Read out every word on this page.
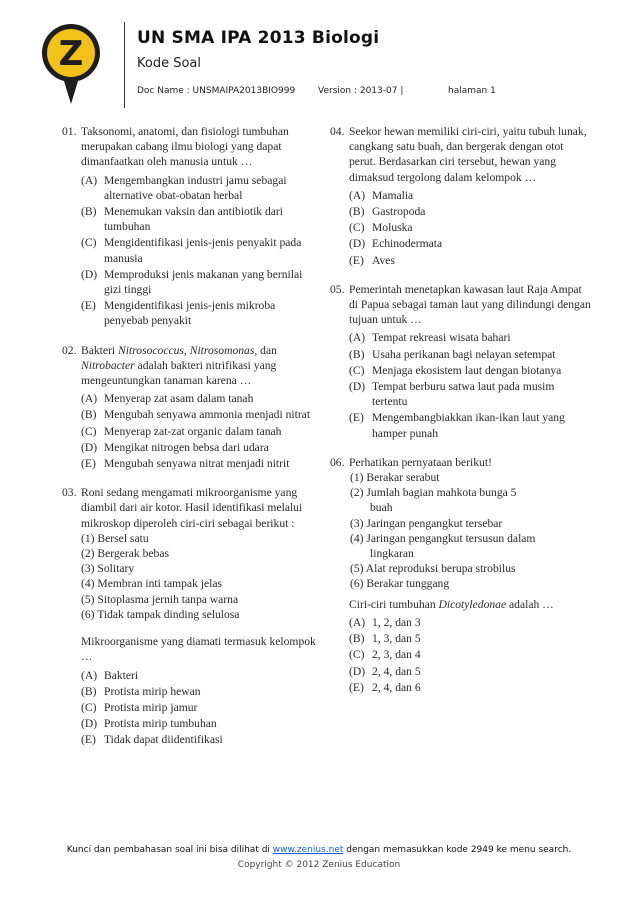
Z	UN SMA IPA 2013 Biologi
Kode Soal
Doc Name : UNSMAIPA2013BIO999	Version : 2013-07 |	halaman 1
01. Taksonomi, anatomi, dan fisiologi tumbuhan merupakan cabang ilmu biologi yang dapat dimanfaatkan oleh manusia untuk …
(A) Mengembangkan industri jamu sebagai alternative obat-obatan herbal
(B) Menemukan vaksin dan antibiotik dari tumbuhan
(C) Mengidentifikasi jenis-jenis penyakit pada manusia
(D) Memproduksi jenis makanan yang bernilai gizi tinggi
(E) Mengidentifikasi jenis-jenis mikroba penyebab penyakit
02. Bakteri Nitrosococcus, Nitrosomonas, dan Nitrobacter adalah bakteri nitrifikasi yang mengeuntungkan tanaman karena …
(A) Menyerap zat asam dalam tanah
(B) Mengubah senyawa ammonia menjadi nitrat
(C) Menyerap zat-zat organic dalam tanah
(D) Mengikat nitrogen bebsa dari udara
(E) Mengubah senyawa nitrat menjadi nitrit
03. Roni sedang mengamati mikroorganisme yang diambil dari air kotor. Hasil identifikasi melalui mikroskop diperoleh ciri-ciri sebagai berikut :
(1) Bersel satu
(2) Bergerak bebas
(3) Solitary
(4) Membran inti tampak jelas
(5) Sitoplasma jernih tanpa warna
(6) Tidak tampak dinding selulosa
Mikroorganisme yang diamati termasuk kelompok …
(A) Bakteri
(B) Protista mirip hewan
(C) Protista mirip jamur
(D) Protista mirip tumbuhan
(E) Tidak dapat diidentifikasi
04. Seekor hewan memiliki ciri-ciri, yaitu tubuh lunak, cangkang satu buah, dan bergerak dengan otot perut. Berdasarkan ciri tersebut, hewan yang dimaksud tergolong dalam kelompok …
(A) Mamalia
(B) Gastropoda
(C) Moluska
(D) Echinodermata
(E) Aves
05. Pemerintah menetapkan kawasan laut Raja Ampat di Papua sebagai taman laut yang dilindungi dengan tujuan untuk …
(A) Tempat rekreasi wisata bahari
(B) Usaha perikanan bagi nelayan setempat
(C) Menjaga ekosistem laut dengan biotanya
(D) Tempat berburu satwa laut pada musim tertentu
(E) Mengembangbiakkan ikan-ikan laut yang hamper punah
06. Perhatikan pernyataan berikut!
(1) Berakar serabut
(2) Jumlah bagian mahkota bunga 5
buah
(3) Jaringan pengangkut tersebar
(4) Jaringan pengangkut tersusun dalam
lingkaran
(5) Alat reproduksi berupa strobilus
(6) Berakar tunggang
Ciri-ciri tumbuhan Dicotyledonae adalah …
(A) 1, 2, dan 3
(B) 1, 3, dan 5
(C) 2, 3, dan 4
(D) 2, 4, dan 5
(E) 2, 4, dan 6
Kunci dan pembahasan soal ini bisa dilihat di www.zenius.net dengan memasukkan kode 2949 ke menu search.
Copyright © 2012 Zenius Education
